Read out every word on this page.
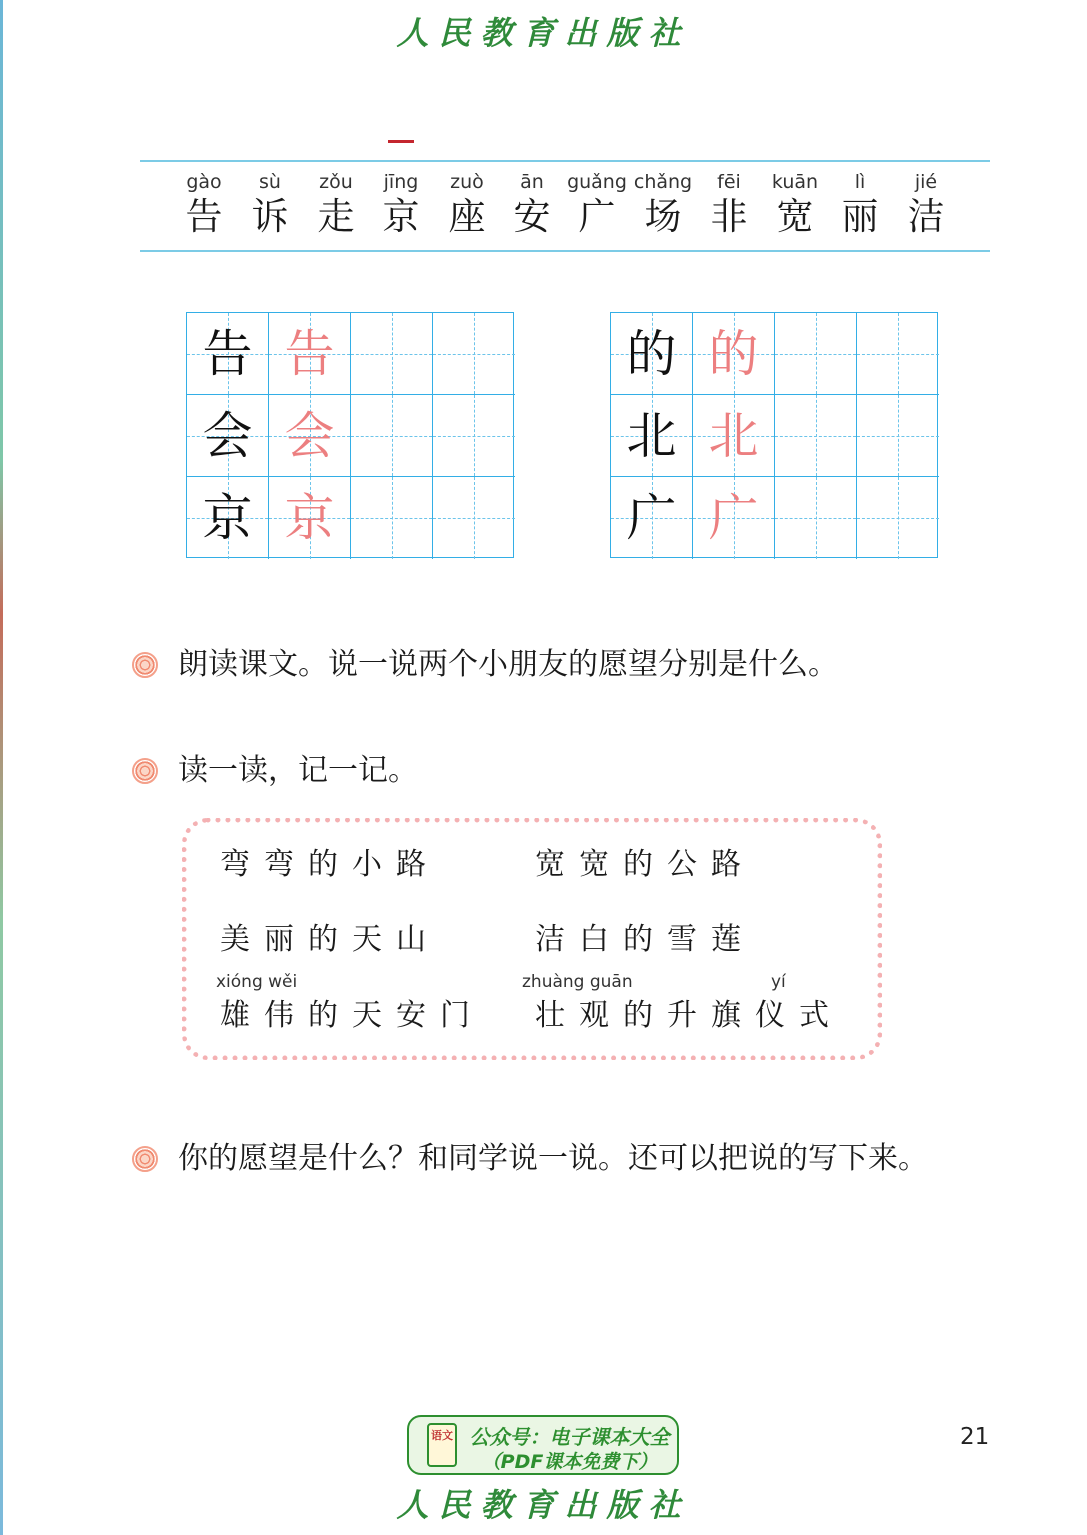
人民教育出版社
gào
告
sù
诉
zǒu
走
jīng
京
zuò
座
ān
安
guǎng
广
chǎng
场
fēi
非
kuān
宽
lì
丽
jié
洁
告 告
会 会
京 京
的 的
北 北
广 广
朗读课文。说一说两个小朋友的愿望分别是什么。
读一读，记一记。
弯弯的小路	宽宽的公路
美丽的天山	洁白的雪莲
xióng wěi	zhuàng guān	yí
雄伟的天安门 壮观的升旗仪式
你的愿望是什么？和同学说一说。还可以把说的写下来。
语文 公众号：电子课本大全
（PDF课本免费下）
21
人民教育出版社
